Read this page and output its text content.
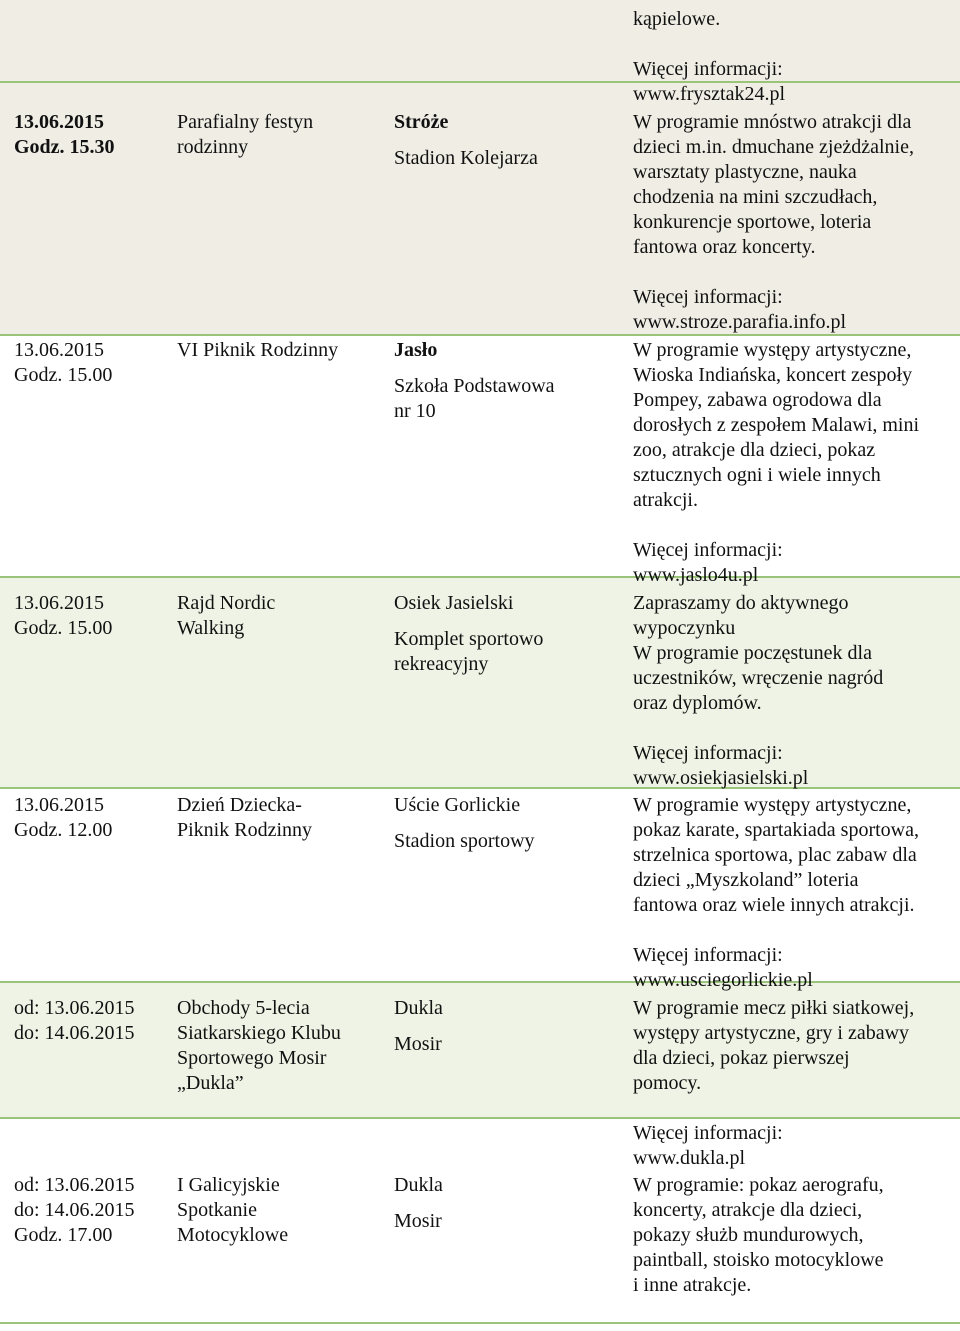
kąpielowe.
Więcej informacji:
www.frysztak24.pl
13.06.2015
Godz. 15.30
Parafialny festyn
rodzinny
Stróże
Stadion Kolejarza
W programie mnóstwo atrakcji dla
dzieci m.in. dmuchane zjeżdżalnie,
warsztaty plastyczne, nauka
chodzenia na mini szczudłach,
konkurencje sportowe, loteria
fantowa oraz koncerty.
Więcej informacji:
www.stroze.parafia.info.pl
13.06.2015
Godz. 15.00
VI Piknik Rodzinny	Jasło
Szkoła Podstawowa
nr 10
W programie występy artystyczne,
Wioska Indiańska, koncert zespoły
Pompey, zabawa ogrodowa dla
dorosłych z zespołem Malawi, mini
zoo, atrakcje dla dzieci, pokaz
sztucznych ogni i wiele innych
atrakcji.
Więcej informacji:
www.jaslo4u.pl
13.06.2015
Godz. 15.00
Rajd Nordic
Walking
Osiek Jasielski
Komplet sportowo
rekreacyjny
Zapraszamy do aktywnego
wypoczynku
W programie poczęstunek dla
uczestników, wręczenie nagród
oraz dyplomów.
Więcej informacji:
www.osiekjasielski.pl
13.06.2015
Godz. 12.00
Dzień Dziecka-
Piknik Rodzinny
Uście Gorlickie
Stadion sportowy
W programie występy artystyczne,
pokaz karate, spartakiada sportowa,
strzelnica sportowa, plac zabaw dla
dzieci „Myszkoland” loteria
fantowa oraz wiele innych atrakcji.
Więcej informacji:
www.usciegorlickie.pl
od: 13.06.2015
do: 14.06.2015
Obchody 5-lecia
Siatkarskiego Klubu
Sportowego Mosir
„Dukla”
Dukla
Mosir
W programie mecz piłki siatkowej,
występy artystyczne, gry i zabawy
dla dzieci, pokaz pierwszej
pomocy.
Więcej informacji:
www.dukla.pl
od: 13.06.2015
do: 14.06.2015
Godz. 17.00
I Galicyjskie
Spotkanie
Motocyklowe
Dukla
Mosir
W programie: pokaz aerografu,
koncerty, atrakcje dla dzieci,
pokazy służb mundurowych,
paintball, stoisko motocyklowe
i inne atrakcje.
